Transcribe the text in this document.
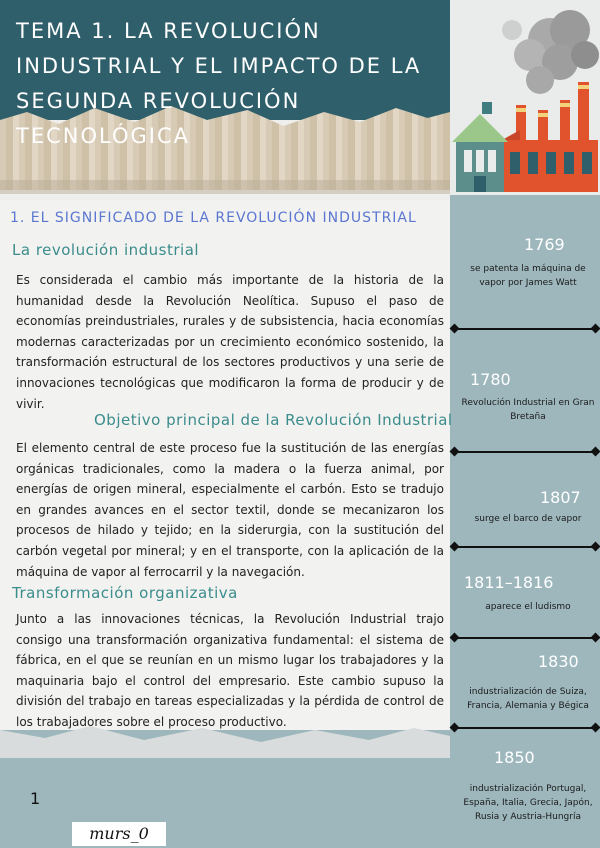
TEMA 1. LA REVOLUCIÓN INDUSTRIAL Y EL IMPACTO DE LA SEGUNDA REVOLUCIÓN TECNOLÓGICA
1. EL SIGNIFICADO DE LA REVOLUCIÓN INDUSTRIAL
La revolución industrial

Es considerada el cambio más importante de la historia de la humanidad desde la Revolución Neolítica. Supuso el paso de economías preindustriales, rurales y de subsistencia, hacia economías modernas caracterizadas por un crecimiento económico sostenido, la transformación estructural de los sectores productivos y una serie de innovaciones tecnológicas que modificaron la forma de producir y de vivir.

Objetivo principal de la Revolución Industrial

El elemento central de este proceso fue la sustitución de las energías orgánicas tradicionales, como la madera o la fuerza animal, por energías de origen mineral, especialmente el carbón. Esto se tradujo en grandes avances en el sector textil, donde se mecanizaron los procesos de hilado y tejido; en la siderurgia, con la sustitución del carbón vegetal por mineral; y en el transporte, con la aplicación de la máquina de vapor al ferrocarril y la navegación.

Transformación organizativa

Junto a las innovaciones técnicas, la Revolución Industrial trajo consigo una transformación organizativa fundamental: el sistema de fábrica, en el que se reunían en un mismo lugar los trabajadores y la maquinaria bajo el control del empresario. Este cambio supuso la división del trabajo en tareas especializadas y la pérdida de control de los trabajadores sobre el proceso productivo.

1769

se patenta la máquina de vapor por James Watt

1780

Revolución Industrial en Gran Bretaña

1807

surge el barco de vapor

1811–1816

aparece el ludismo

1830

industrialización de Suiza, Francia, Alemania y Bégica

1850

industrialización Portugal, España, Italia, Grecia, Japón, Rusia y Austria-Hungría

1

murs_0
